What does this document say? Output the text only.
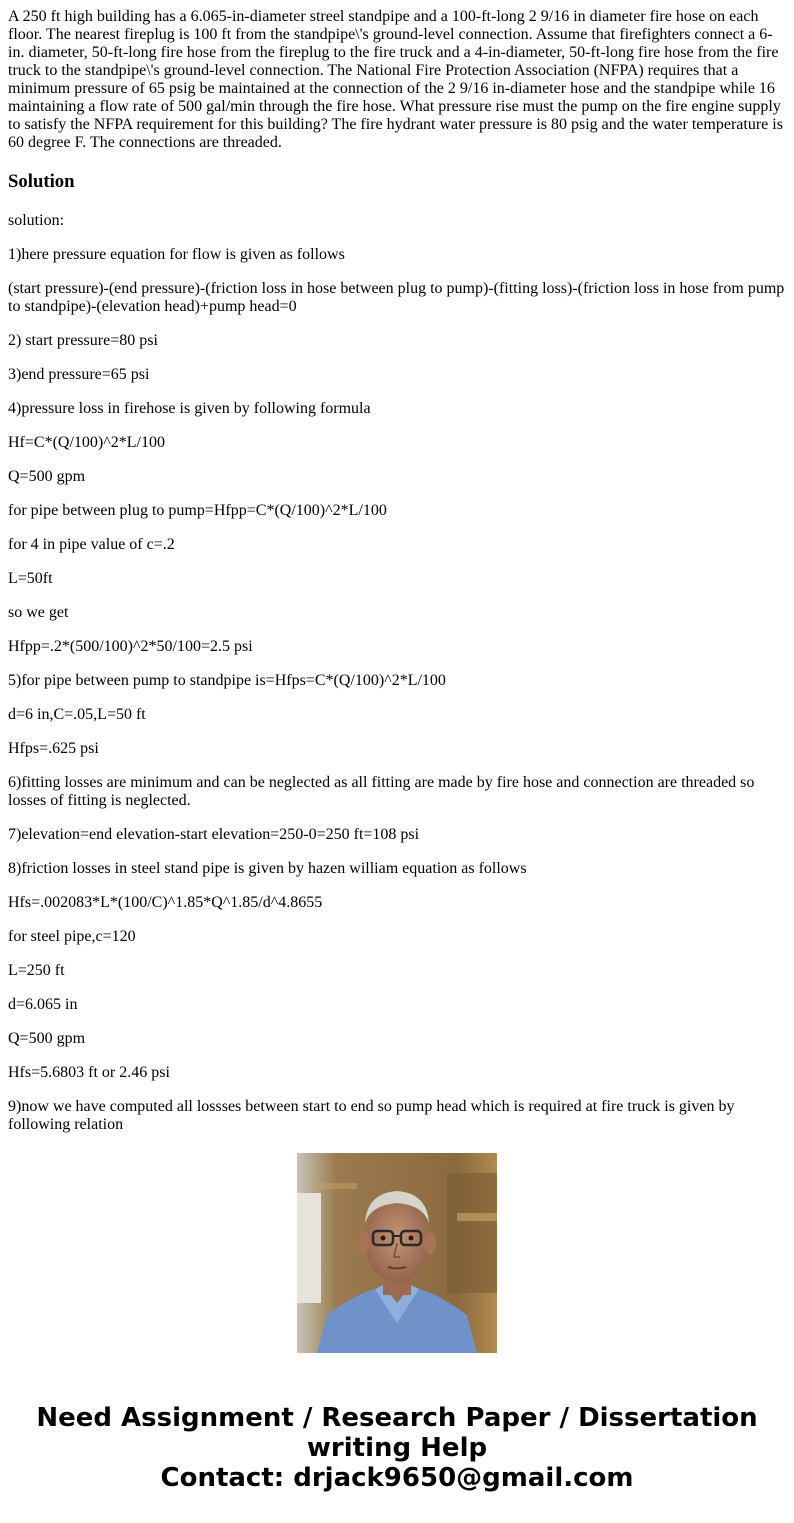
A 250 ft high building has a 6.065-in-diameter streel standpipe and a 100-ft-long 2 9/16 in diameter fire hose on each floor. The nearest fireplug is 100 ft from the standpipe\'s ground-level connection. Assume that firefighters connect a 6-in. diameter, 50-ft-long fire hose from the fireplug to the fire truck and a 4-in-diameter, 50-ft-long fire hose from the fire truck to the standpipe\'s ground-level connection. The National Fire Protection Association (NFPA) requires that a minimum pressure of 65 psig be maintained at the connection of the 2 9/16 in-diameter hose and the standpipe while 16 maintaining a flow rate of 500 gal/min through the fire hose. What pressure rise must the pump on the fire engine supply to satisfy the NFPA requirement for this building? The fire hydrant water pressure is 80 psig and the water temperature is 60 degree F. The connections are threaded.

Solution

solution:

1)here pressure equation for flow is given as follows

(start pressure)-(end pressure)-(friction loss in hose between plug to pump)-(fitting loss)-(friction loss in hose from pump to standpipe)-(elevation head)+pump head=0

2) start pressure=80 psi

3)end pressure=65 psi

4)pressure loss in firehose is given by following formula

Hf=C*(Q/100)^2*L/100

Q=500 gpm

for pipe between plug to pump=Hfpp=C*(Q/100)^2*L/100

for 4 in pipe value of c=.2

L=50ft

so we get

Hfpp=.2*(500/100)^2*50/100=2.5 psi

5)for pipe between pump to standpipe is=Hfps=C*(Q/100)^2*L/100

d=6 in,C=.05,L=50 ft

Hfps=.625 psi

6)fitting losses are minimum and can be neglected as all fitting are made by fire hose and connection are threaded so losses of fitting is neglected.

7)elevation=end elevation-start elevation=250-0=250 ft=108 psi

8)friction losses in steel stand pipe is given by hazen william equation as follows

Hfs=.002083*L*(100/C)^1.85*Q^1.85/d^4.8655

for steel pipe,c=120

L=250 ft

d=6.065 in

Q=500 gpm

Hfs=5.6803 ft or 2.46 psi

9)now we have computed all lossses between start to end so pump head which is required at fire truck is given by following relation

Need Assignment / Research Paper / Dissertation
writing Help
Contact: drjack9650@gmail.com
